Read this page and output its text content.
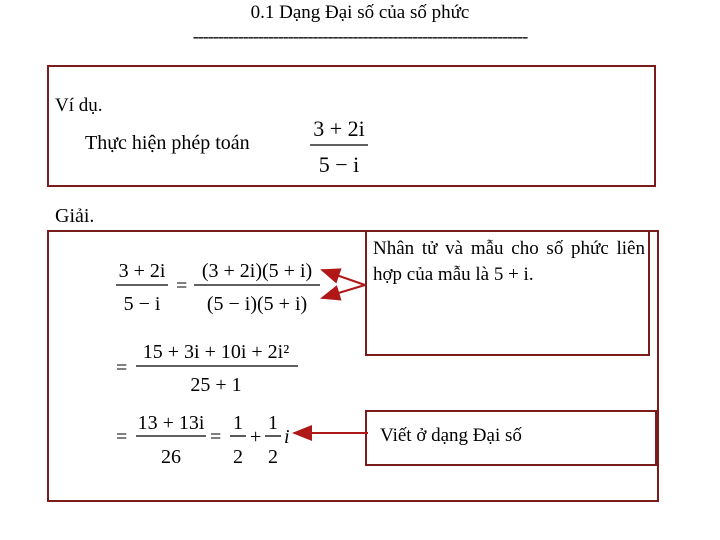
0.1 Dạng Đại số của số phức
-------------------------------------------------------------------
Ví dụ.
Thực hiện phép toán
Giải.
Nhân tử và mẫu cho số phức liên hợp của mẫu là 5 + i.
Viết ở dạng Đại số
3 + 2i
5 − i
3 + 2i
5 − i
=
(3 + 2i)(5 + i)
(5 − i)(5 + i)
=
15 + 3i + 10i + 2i²
25 + 1
=
13 + 13i
26
=
1
2
+
1
2
i
